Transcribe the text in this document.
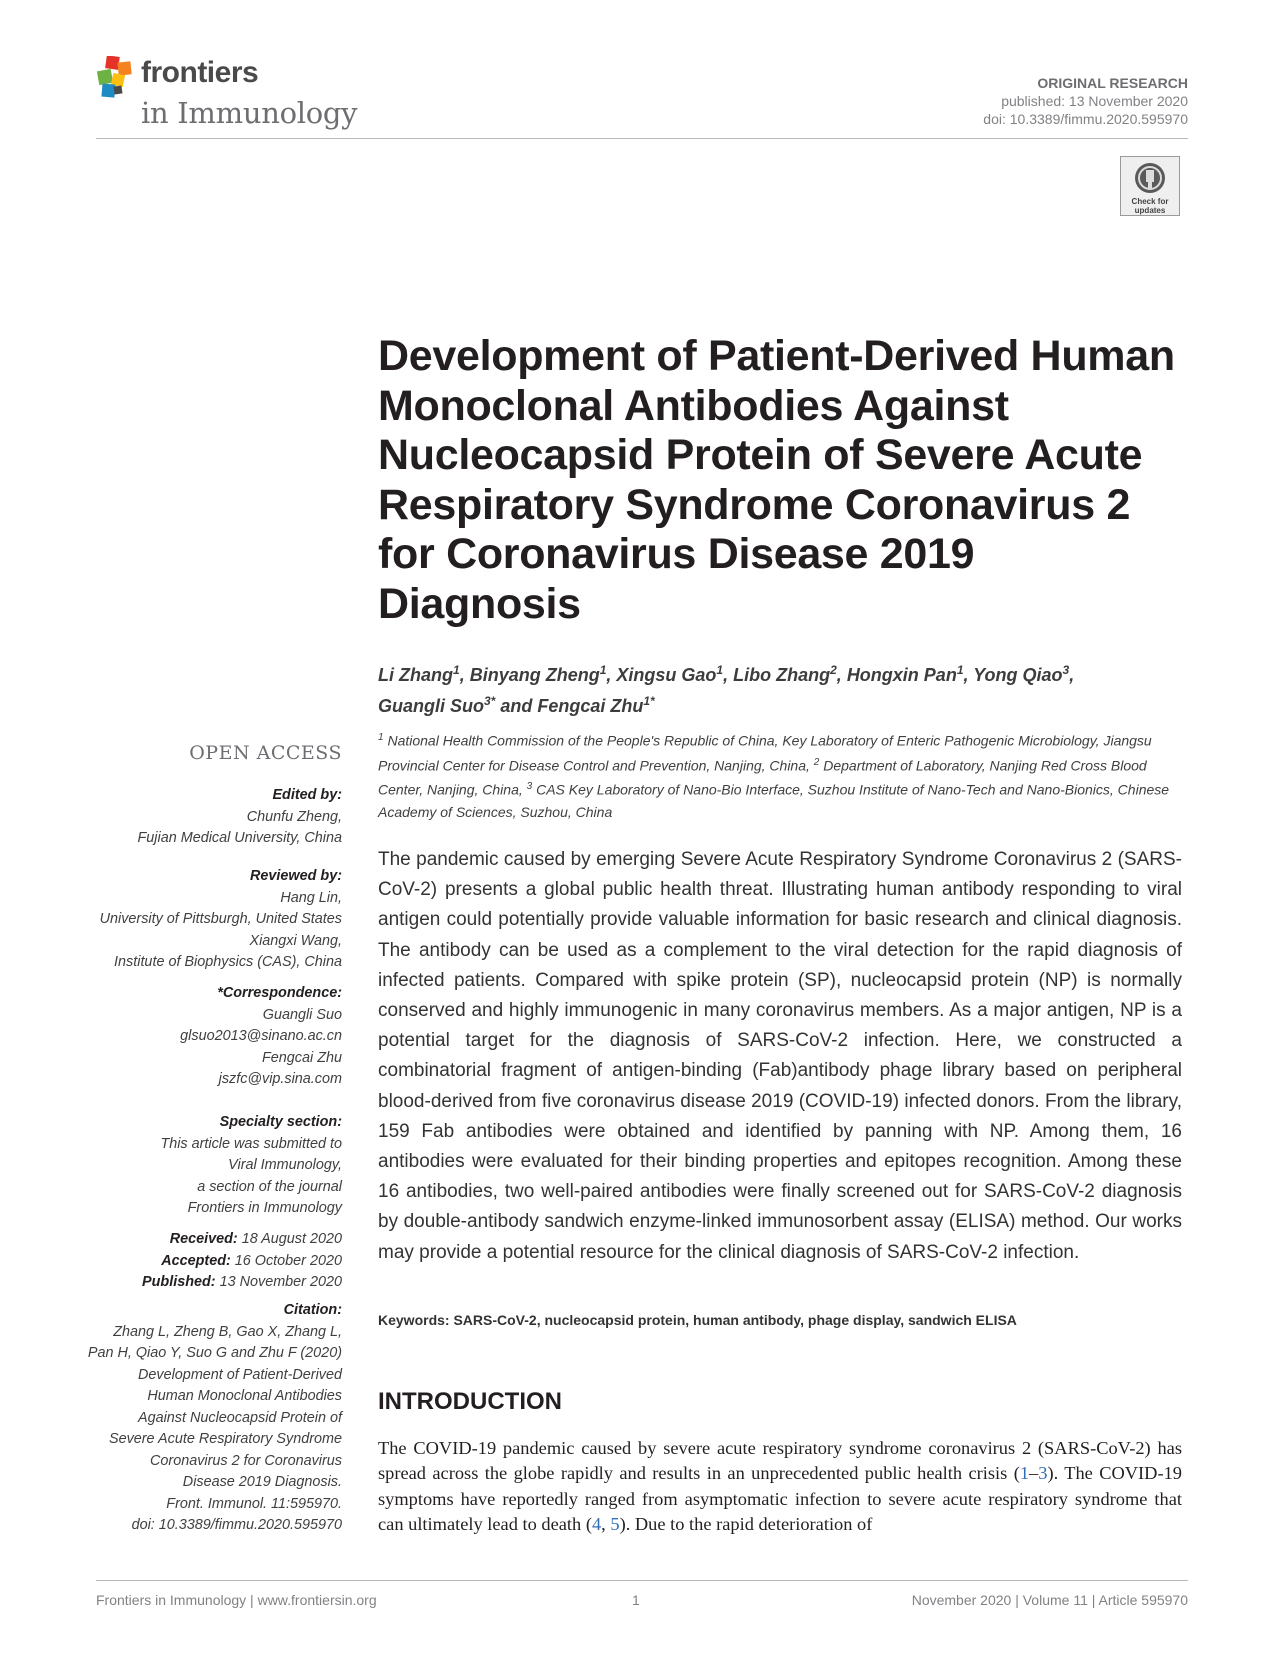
frontiers
in Immunology
ORIGINAL RESEARCH
published: 13 November 2020
doi: 10.3389/fimmu.2020.595970
Check for updates
Development of Patient-Derived Human Monoclonal Antibodies Against Nucleocapsid Protein of Severe Acute Respiratory Syndrome Coronavirus 2 for Coronavirus Disease 2019 Diagnosis
Li Zhang$^1$, Binyang Zheng$^1$, Xingsu Gao$^1$, Libo Zhang$^2$, Hongxin Pan$^1$, Yong Qiao$^3$,
Guangli Suo$^{3*}$ and Fengcai Zhu$^{1*}$
$^1$ National Health Commission of the People's Republic of China, Key Laboratory of Enteric Pathogenic Microbiology, Jiangsu Provincial Center for Disease Control and Prevention, Nanjing, China, $^2$ Department of Laboratory, Nanjing Red Cross Blood Center, Nanjing, China, $^3$ CAS Key Laboratory of Nano-Bio Interface, Suzhou Institute of Nano-Tech and Nano-Bionics, Chinese Academy of Sciences, Suzhou, China
The pandemic caused by emerging Severe Acute Respiratory Syndrome Coronavirus 2 (SARS-CoV-2) presents a global public health threat. Illustrating human antibody responding to viral antigen could potentially provide valuable information for basic research and clinical diagnosis. The antibody can be used as a complement to the viral detection for the rapid diagnosis of infected patients. Compared with spike protein (SP), nucleocapsid protein (NP) is normally conserved and highly immunogenic in many coronavirus members. As a major antigen, NP is a potential target for the diagnosis of SARS-CoV-2 infection. Here, we constructed a combinatorial fragment of antigen-binding (Fab)antibody phage library based on peripheral blood-derived from five coronavirus disease 2019 (COVID-19) infected donors. From the library, 159 Fab antibodies were obtained and identified by panning with NP. Among them, 16 antibodies were evaluated for their binding properties and epitopes recognition. Among these 16 antibodies, two well-paired antibodies were finally screened out for SARS-CoV-2 diagnosis by double-antibody sandwich enzyme-linked immunosorbent assay (ELISA) method. Our works may provide a potential resource for the clinical diagnosis of SARS-CoV-2 infection.
Keywords: SARS-CoV-2, nucleocapsid protein, human antibody, phage display, sandwich ELISA
INTRODUCTION
The COVID-19 pandemic caused by severe acute respiratory syndrome coronavirus 2 (SARS-CoV-2) has spread across the globe rapidly and results in an unprecedented public health crisis (1–3). The COVID-19 symptoms have reportedly ranged from asymptomatic infection to severe acute respiratory syndrome that can ultimately lead to death (4, 5). Due to the rapid deterioration of
OPEN ACCESS
Edited by:
Chunfu Zheng,
Fujian Medical University, China
Reviewed by:
Hang Lin,
University of Pittsburgh, United States
Xiangxi Wang,
Institute of Biophysics (CAS), China
*Correspondence:
Guangli Suo
glsuo2013@sinano.ac.cn
Fengcai Zhu
jszfc@vip.sina.com
Specialty section:
This article was submitted to
Viral Immunology,
a section of the journal
Frontiers in Immunology
Received: 18 August 2020
Accepted: 16 October 2020
Published: 13 November 2020
Citation:
Zhang L, Zheng B, Gao X, Zhang L,
Pan H, Qiao Y, Suo G and Zhu F (2020)
Development of Patient-Derived
Human Monoclonal Antibodies
Against Nucleocapsid Protein of
Severe Acute Respiratory Syndrome
Coronavirus 2 for Coronavirus
Disease 2019 Diagnosis.
Front. Immunol. 11:595970.
doi: 10.3389/fimmu.2020.595970
Frontiers in Immunology | www.frontiersin.org	1	November 2020 | Volume 11 | Article 595970
